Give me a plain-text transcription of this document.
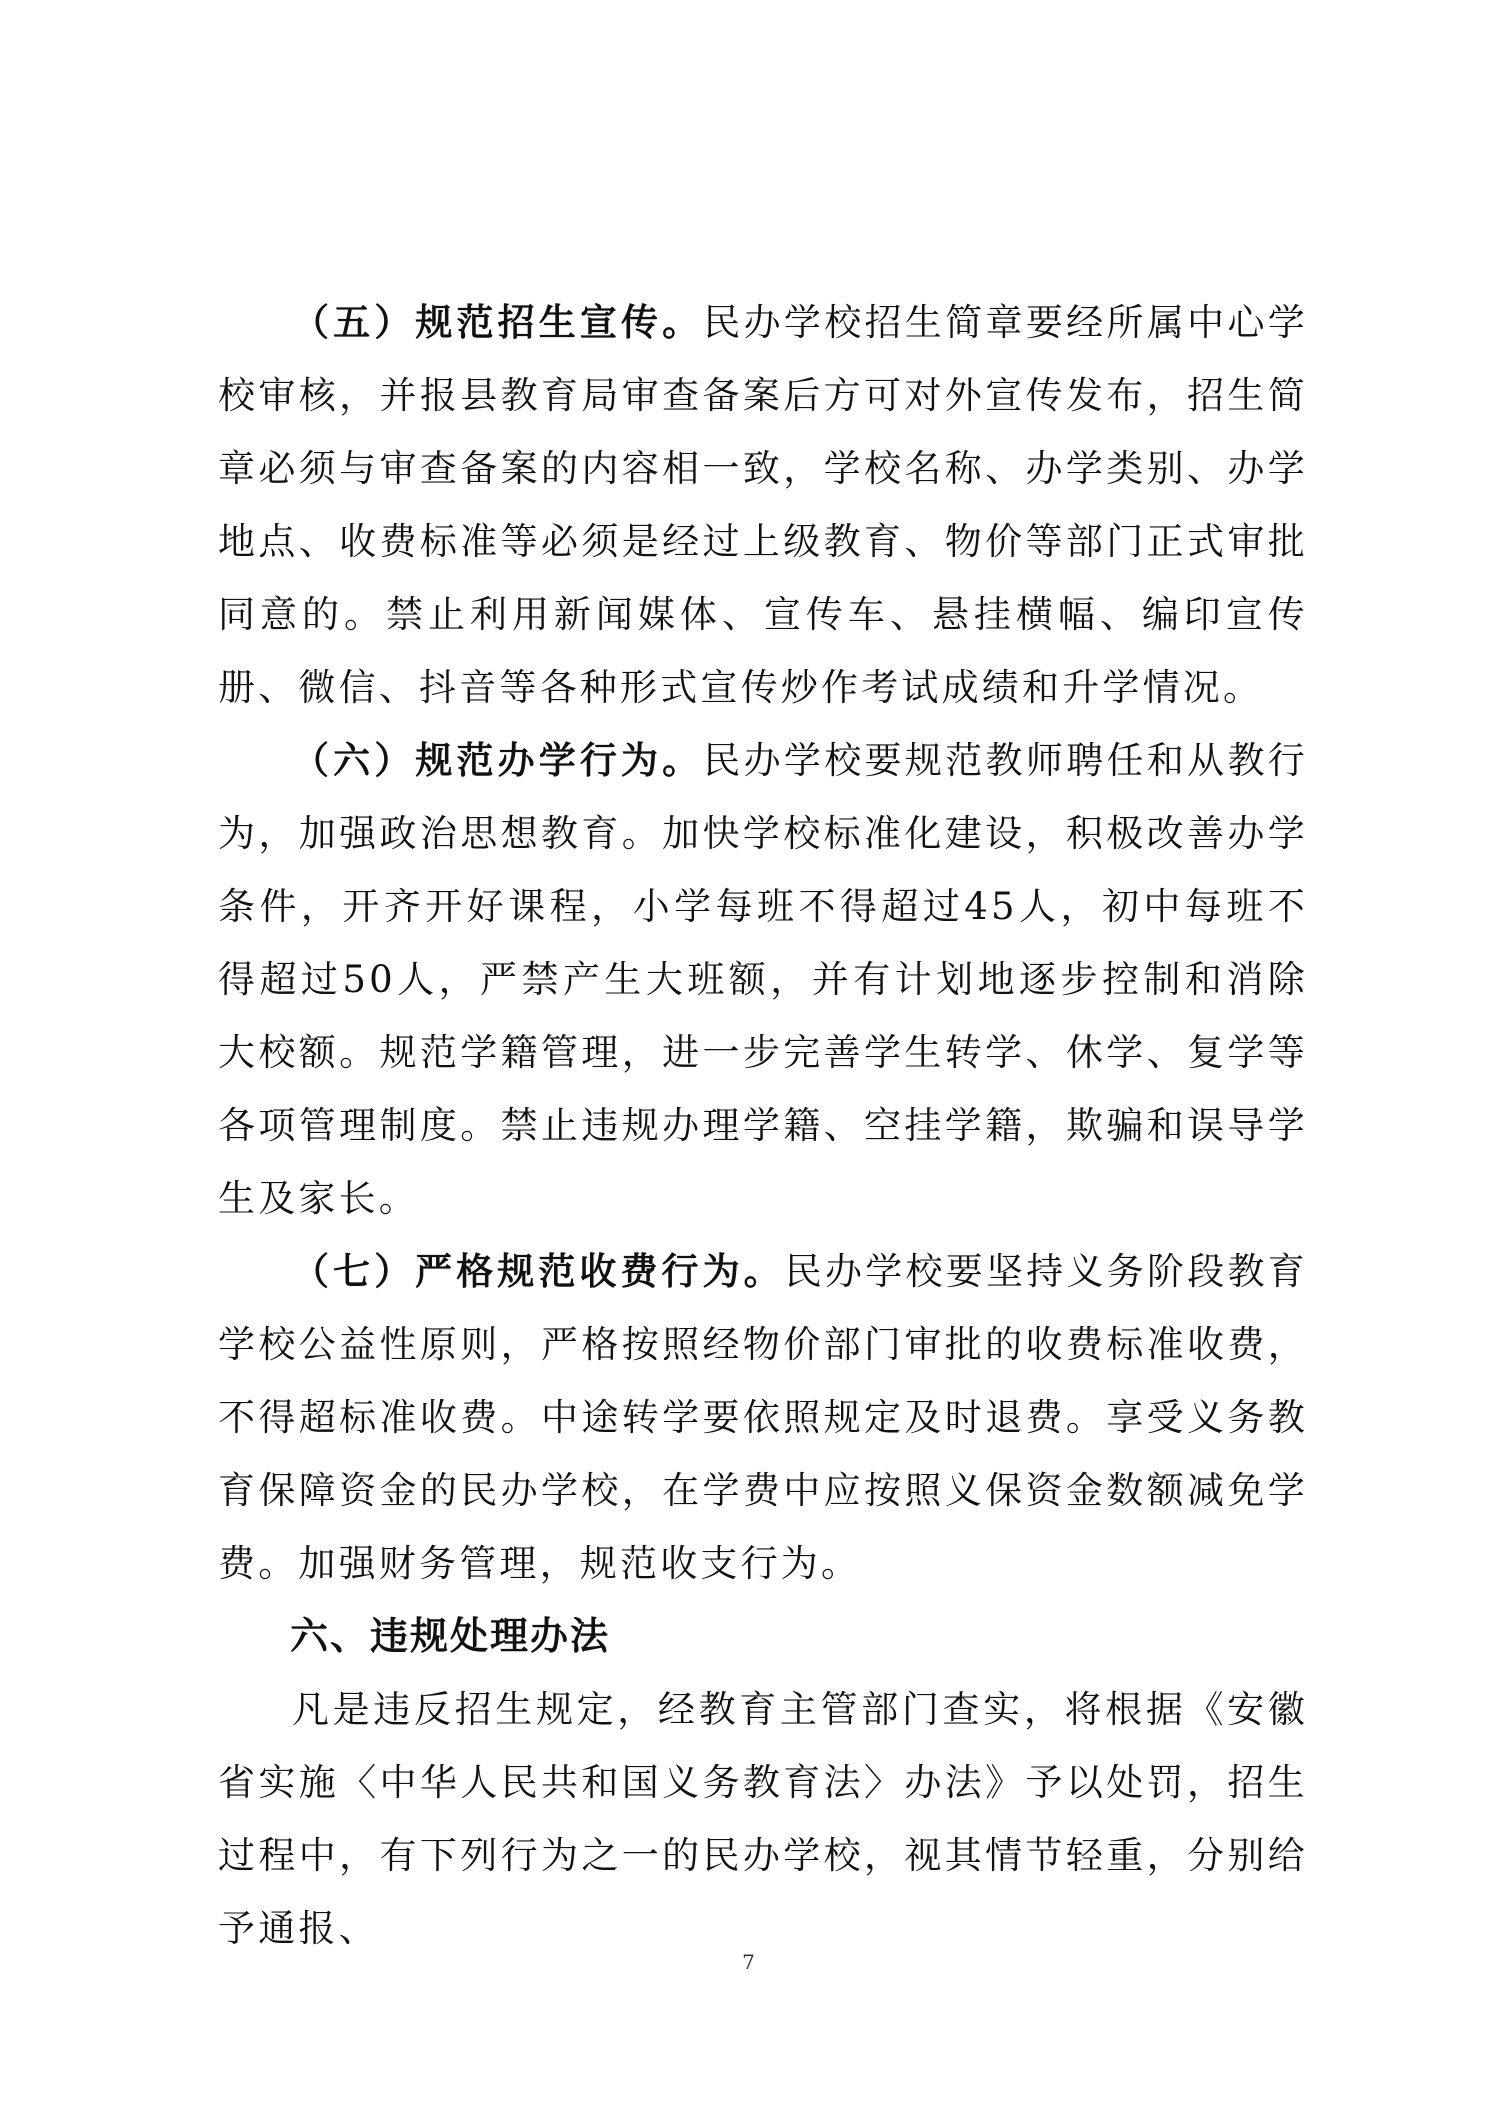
（五）规范招生宣传。民办学校招生简章要经所属中心学校审核，并报县教育局审查备案后方可对外宣传发布，招生简章必须与审查备案的内容相一致，学校名称、办学类别、办学地点、收费标准等必须是经过上级教育、物价等部门正式审批同意的。禁止利用新闻媒体、宣传车、悬挂横幅、编印宣传册、微信、抖音等各种形式宣传炒作考试成绩和升学情况。

（六）规范办学行为。民办学校要规范教师聘任和从教行为，加强政治思想教育。加快学校标准化建设，积极改善办学条件，开齐开好课程，小学每班不得超过45人，初中每班不得超过50人，严禁产生大班额，并有计划地逐步控制和消除大校额。规范学籍管理，进一步完善学生转学、休学、复学等各项管理制度。禁止违规办理学籍、空挂学籍，欺骗和误导学生及家长。

（七）严格规范收费行为。民办学校要坚持义务阶段教育学校公益性原则，严格按照经物价部门审批的收费标准收费，不得超标准收费。中途转学要依照规定及时退费。享受义务教育保障资金的民办学校，在学费中应按照义保资金数额减免学费。加强财务管理，规范收支行为。

六、违规处理办法

凡是违反招生规定，经教育主管部门查实，将根据《安徽省实施〈中华人民共和国义务教育法〉办法》予以处罚，招生过程中，有下列行为之一的民办学校，视其情节轻重，分别给予通报、

7
